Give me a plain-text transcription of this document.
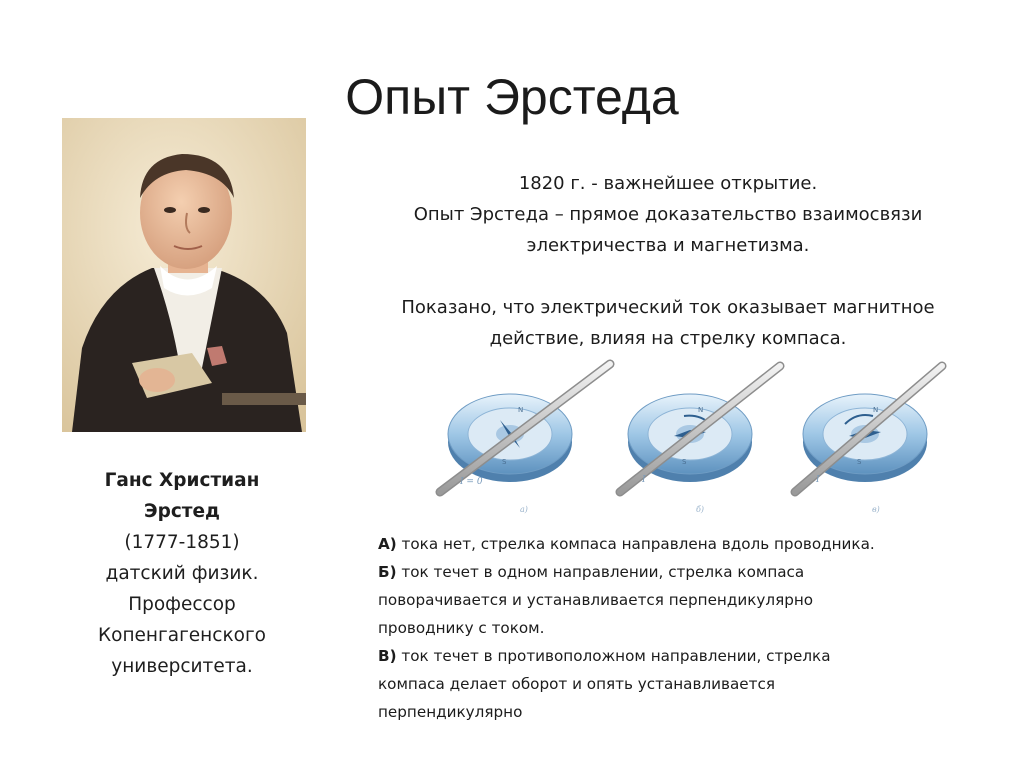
Опыт Эрстеда
Ганс Христиан
Эрстед
(1777-1851)
датский физик.
Профессор
Копенгагенского
университета.

1820 г. - важнейшее открытие.

Опыт Эрстеда – прямое доказательство взаимосвязи

электричества и магнетизма.

Показано, что электрический ток оказывает магнитное

действие, влияя на стрелку компаса.

N
S
I = 0
а)
N
S
I
б)
N
S
I
в)

А) тока нет, стрелка компаса направлена вдоль проводника.

Б) ток течет в одном направлении, стрелка компаса

поворачивается и устанавливается перпендикулярно

проводнику с током.

В) ток течет в противоположном направлении, стрелка

компаса делает оборот и опять устанавливается

перпендикулярно
